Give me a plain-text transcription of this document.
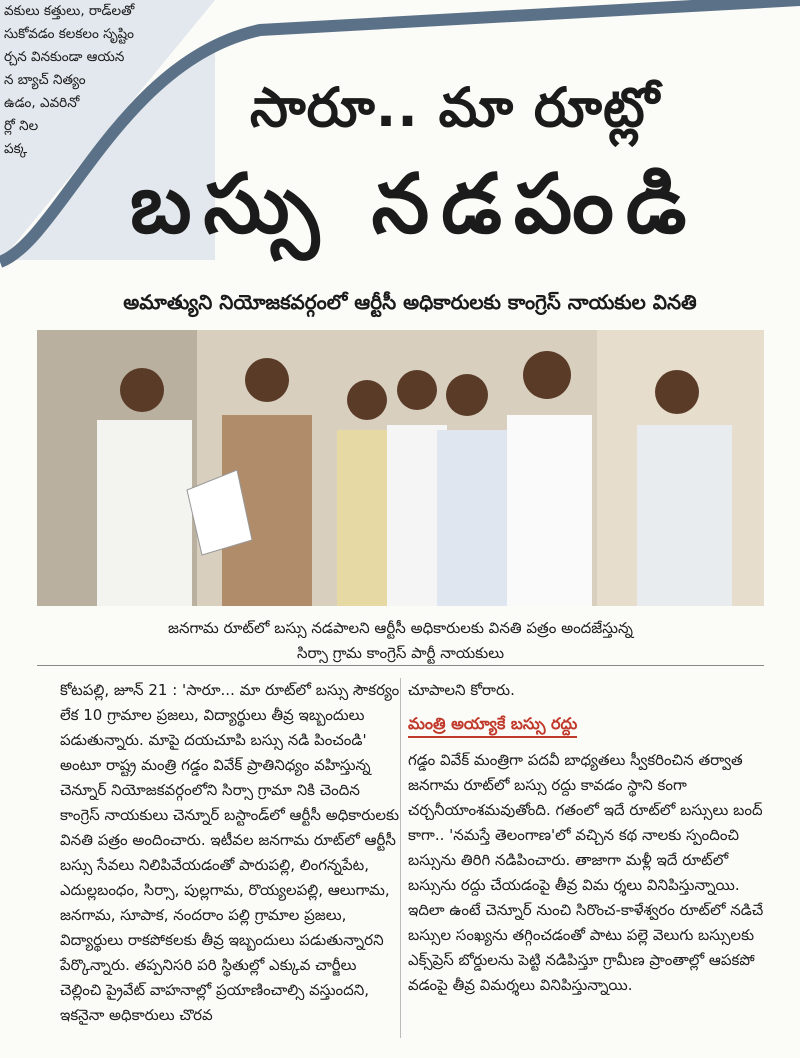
వకులు కత్తులు, రాడ్‌లతో
సుకోవడం కలకలం సృష్టిం
ర్చన వినకుండా ఆయన
న బ్యాచ్ నిత్యం
ఉడం, ఎవరినో
ర్లో నిల
పక్క
సారూ.. మా రూట్లో
బస్సు నడపండి
అమాత్యుని నియోజకవర్గంలో ఆర్టీసీ అధికారులకు కాంగ్రెస్ నాయకుల వినతి
జనగామ రూట్‌లో బస్సు నడపాలని ఆర్టీసీ అధికారులకు వినతి పత్రం అందజేస్తున్న
సిర్సా గ్రామ కాంగ్రెస్ పార్టీ నాయకులు

కోటపల్లి, జూన్ 21 : 'సారూ... మా రూట్‌లో బస్సు సౌకర్యం లేక 10 గ్రామాల ప్రజలు, విద్యార్థులు తీవ్ర ఇబ్బందులు పడుతున్నారు. మాపై దయచూపి బస్సు నడి పించండి' అంటూ రాష్ట్ర మంత్రి గడ్డం వివేక్ ప్రాతినిధ్యం వహిస్తున్న చెన్నూర్ నియోజకవర్గంలోని సిర్సా గ్రామా నికి చెందిన కాంగ్రెస్ నాయకులు చెన్నూర్ బస్టాండ్‌లో ఆర్టీసీ అధికారులకు వినతి పత్రం అందించారు. ఇటీవల జనగామ రూట్‌లో ఆర్టీసీ బస్సు సేవలు నిలిపివేయడంతో పారుపల్లి, లింగన్నపేట, ఎదుల్లబంధం, సిర్సా, పుల్లగామ, రొయ్యలపల్లి, ఆలుగామ, జనగామ, సూపాక, నందరాం పల్లి గ్రామాల ప్రజలు, విద్యార్థులు రాకపోకలకు తీవ్ర ఇబ్బందులు పడుతున్నారని పేర్కొన్నారు. తప్పనిసరి పరి స్థితుల్లో ఎక్కువ చార్జీలు చెల్లించి ప్రైవేట్ వాహనాల్లో ప్రయాణించాల్సి వస్తుందని, ఇకనైనా అధికారులు చొరవ

చూపాలని కోరారు.

మంత్రి అయ్యాకే బస్సు రద్దు

గడ్డం వివేక్ మంత్రిగా పదవీ బాధ్యతలు స్వీకరించిన తర్వాత జనగామ రూట్‌లో బస్సు రద్దు కావడం స్థాని కంగా చర్చనీయాంశమవుతోంది. గతంలో ఇదే రూట్‌లో బస్సులు బంద్ కాగా.. 'నమస్తే తెలంగాణ'లో వచ్చిన కథ నాలకు స్పందించి బస్సును తిరిగి నడిపించారు. తాజాగా మళ్లీ ఇదే రూట్‌లో బస్సును రద్దు చేయడంపై తీవ్ర విమ ర్శలు వినిపిస్తున్నాయి. ఇదిలా ఉంటే చెన్నూర్ నుంచి సిరొంచ-కాళేశ్వరం రూట్‌లో నడిచే బస్సుల సంఖ్యను తగ్గించడంతో పాటు పల్లె వెలుగు బస్సులకు ఎక్స్‌ప్రెస్ బోర్డులను పెట్టి నడిపిస్తూ గ్రామీణ ప్రాంతాల్లో ఆపకపో వడంపై తీవ్ర విమర్శలు వినిపిస్తున్నాయి.
